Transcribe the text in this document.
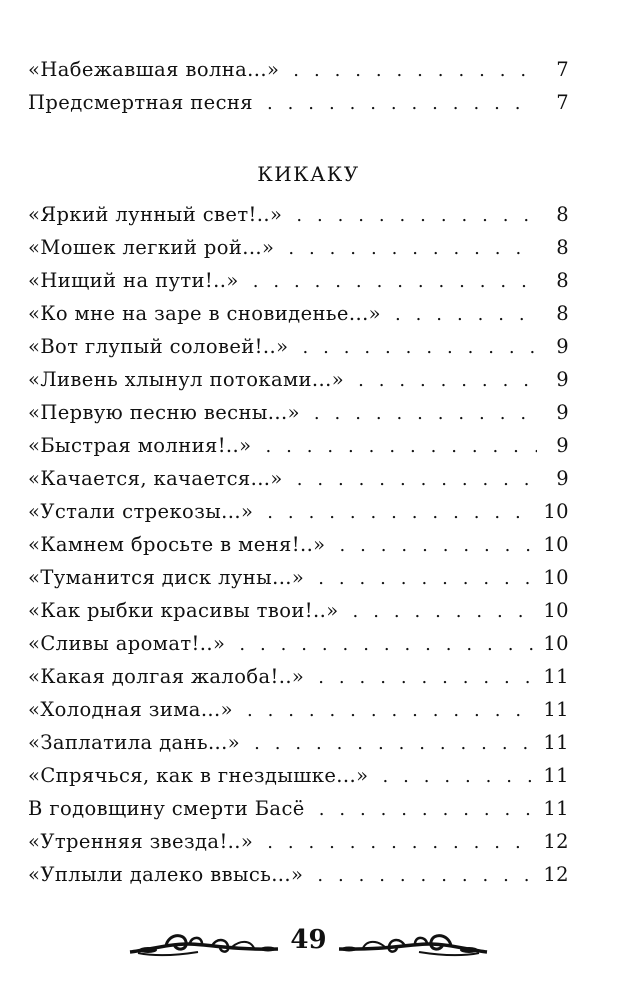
«Набежавшая волна...» . . .	7
Предсмертная песня . . .	7
КИКАКУ
«Яркий лунный свет!..» . . .	8
«Мошек легкий рой...» . . .	8
«Нищий на пути!..» . . .	8
«Ко мне на заре в сновиденье...» . . .	8
«Вот глупый соловей!..» . . .	9
«Ливень хлынул потоками...» . . .	9
«Первую песню весны...» . . .	9
«Быстрая молния!..» . . .	9
«Качается, качается...» . . .	9
«Устали стрекозы...» . . .	10
«Камнем бросьте в меня!..» . . .	10
«Туманится диск луны...» . . .	10
«Как рыбки красивы твои!..» . . .	10
«Сливы аромат!..» . . .	10
«Какая долгая жалоба!..» . . .	11
«Холодная зима...» . . .	11
«Заплатила дань...» . . .	11
«Спрячься, как в гнездышке...» . . .	11
В годовщину смерти Басё . . .	11
«Утренняя звезда!..» . . .	12
«Уплыли далеко ввысь...» . . .	12
49
